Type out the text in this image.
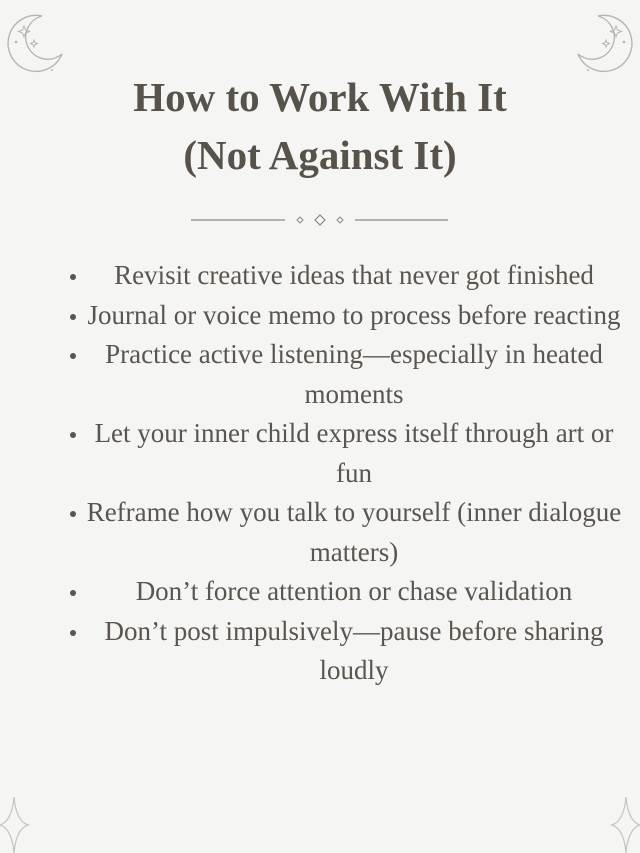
How to Work With It
(Not Against It)
Revisit creative ideas that never got finished
Journal or voice memo to process before reacting
Practice active listening—especially in heated moments
Let your inner child express itself through art or fun
Reframe how you talk to yourself (inner dialogue matters)
Don’t force attention or chase validation
Don’t post impulsively—pause before sharing loudly
